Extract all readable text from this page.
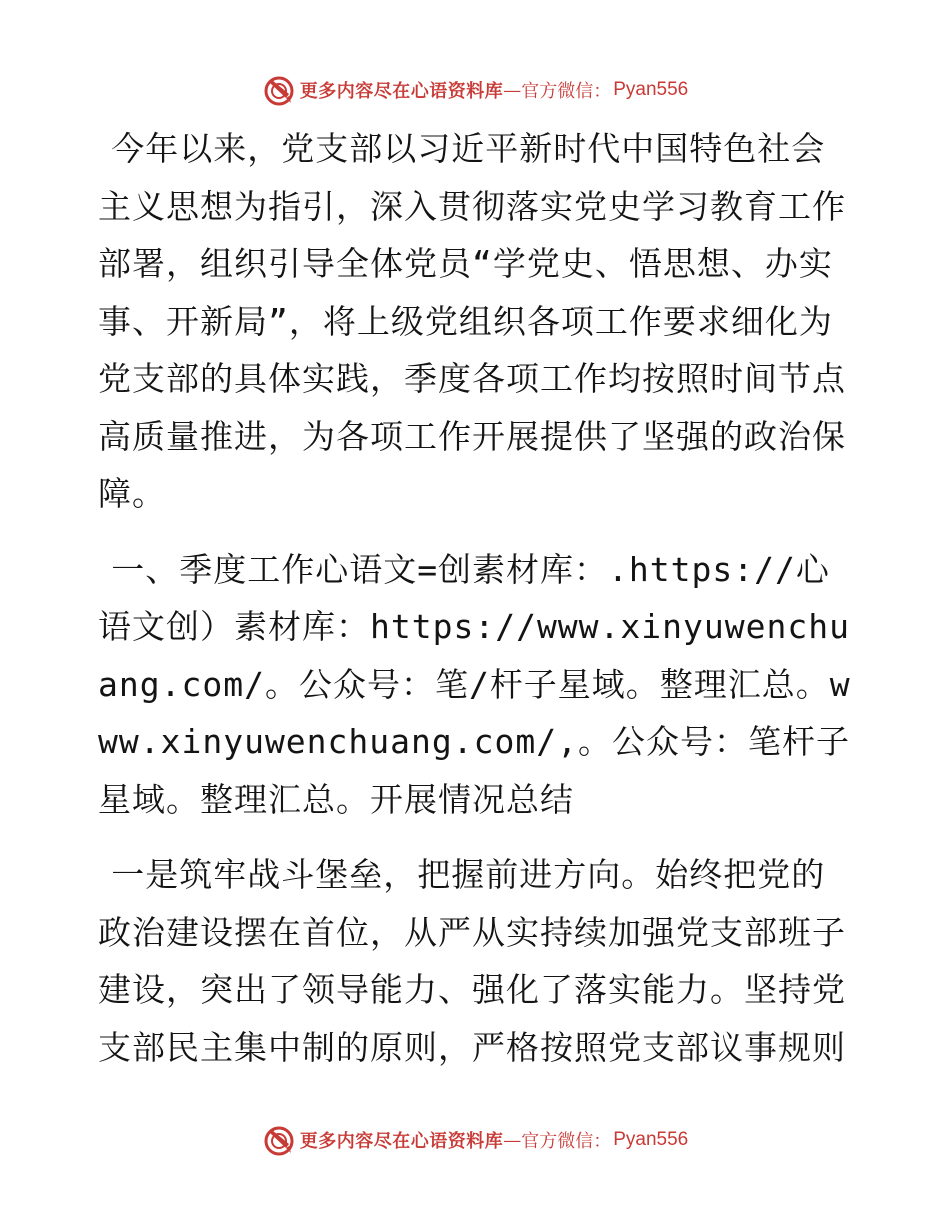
更多内容尽在心语资料库 — 官方微信： Pyan556

今年以来，党支部以习近平新时代中国特色社会主义思想为指引，深入贯彻落实党史学习教育工作部署，组织引导全体党员“学党史、悟思想、办实事、开新局”，将上级党组织各项工作要求细化为党支部的具体实践，季度各项工作均按照时间节点高质量推进，为各项工作开展提供了坚强的政治保障。

一、季度工作心语文=创素材库：.https://心语文创）素材库：https://www.xinyuwenchuang.com/。公众号：笔/杆子星域。整理汇总。www.xinyuwenchuang.com/,。公众号：笔杆子星域。整理汇总。开展情况总结

一是筑牢战斗堡垒，把握前进方向。始终把党的政治建设摆在首位，从严从实持续加强党支部班子建设，突出了领导能力、强化了落实能力。坚持党支部民主集中制的原则，严格按照党支部议事规则

更多内容尽在心语资料库 — 官方微信： Pyan556
